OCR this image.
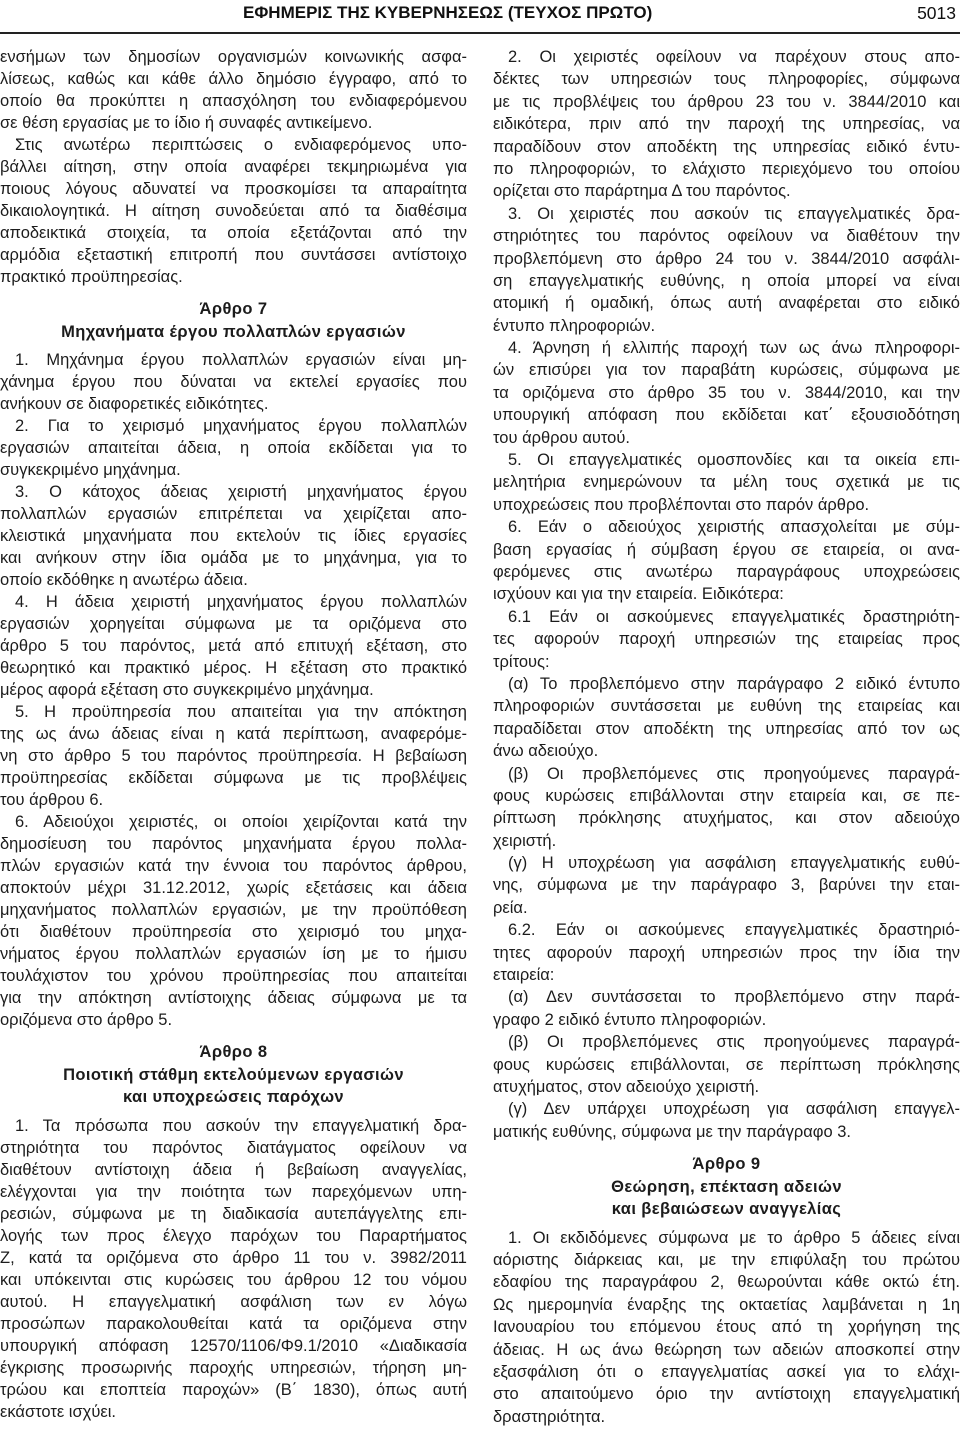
ΕΦΗΜΕΡΙΣ ΤΗΣ ΚΥΒΕΡΝΗΣΕΩΣ (ΤΕΥΧΟΣ ΠΡΩΤΟ)	5013
ενσήμων των δημοσίων οργανισμών κοινωνικής ασφα-
λίσεως, καθώς και κάθε άλλο δημόσιο έγγραφο, από το
οποίο θα προκύπτει η απασχόληση του ενδιαφερόμενου
σε θέση εργασίας με το ίδιο ή συναφές αντικείμενο.
Στις ανωτέρω περιπτώσεις ο ενδιαφερόμενος υπο-
βάλλει αίτηση, στην οποία αναφέρει τεκμηριωμένα για
ποιους λόγους αδυνατεί να προσκομίσει τα απαραίτητα
δικαιολογητικά. Η αίτηση συνοδεύεται από τα διαθέσιμα
αποδεικτικά στοιχεία, τα οποία εξετάζονται από την
αρμόδια εξεταστική επιτροπή που συντάσσει αντίστοιχο
πρακτικό προϋπηρεσίας.
Άρθρο 7
Μηχανήματα έργου πολλαπλών εργασιών
1. Μηχάνημα έργου πολλαπλών εργασιών είναι μη-
χάνημα έργου που δύναται να εκτελεί εργασίες που
ανήκουν σε διαφορετικές ειδικότητες.
2. Για το χειρισμό μηχανήματος έργου πολλαπλών
εργασιών απαιτείται άδεια, η οποία εκδίδεται για το
συγκεκριμένο μηχάνημα.
3. Ο κάτοχος άδειας χειριστή μηχανήματος έργου
πολλαπλών εργασιών επιτρέπεται να χειρίζεται απο-
κλειστικά μηχανήματα που εκτελούν τις ίδιες εργασίες
και ανήκουν στην ίδια ομάδα με το μηχάνημα, για το
οποίο εκδόθηκε η ανωτέρω άδεια.
4. Η άδεια χειριστή μηχανήματος έργου πολλαπλών
εργασιών χορηγείται σύμφωνα με τα οριζόμενα στο
άρθρο 5 του παρόντος, μετά από επιτυχή εξέταση, στο
θεωρητικό και πρακτικό μέρος. Η εξέταση στο πρακτικό
μέρος αφορά εξέταση στο συγκεκριμένο μηχάνημα.
5. Η προϋπηρεσία που απαιτείται για την απόκτηση
της ως άνω άδειας είναι η κατά περίπτωση, αναφερόμε-
νη στο άρθρο 5 του παρόντος προϋπηρεσία. Η βεβαίωση
προϋπηρεσίας εκδίδεται σύμφωνα με τις προβλέψεις
του άρθρου 6.
6. Αδειούχοι χειριστές, οι οποίοι χειρίζονται κατά την
δημοσίευση του παρόντος μηχανήματα έργου πολλα-
πλών εργασιών κατά την έννοια του παρόντος άρθρου,
αποκτούν μέχρι 31.12.2012, χωρίς εξετάσεις και άδεια
μηχανήματος πολλαπλών εργασιών, με την προϋπόθεση
ότι διαθέτουν προϋπηρεσία στο χειρισμό του μηχα-
νήματος έργου πολλαπλών εργασιών ίση με το ήμισυ
τουλάχιστον του χρόνου προϋπηρεσίας που απαιτείται
για την απόκτηση αντίστοιχης άδειας σύμφωνα με τα
οριζόμενα στο άρθρο 5.
Άρθρο 8
Ποιοτική στάθμη εκτελούμενων εργασιών
και υποχρεώσεις παρόχων
1. Τα πρόσωπα που ασκούν την επαγγελματική δρα-
στηριότητα του παρόντος διατάγματος οφείλουν να
διαθέτουν αντίστοιχη άδεια ή βεβαίωση αναγγελίας,
ελέγχονται για την ποιότητα των παρεχόμενων υπη-
ρεσιών, σύμφωνα με τη διαδικασία αυτεπάγγελτης επι-
λογής των προς έλεγχο παρόχων του Παραρτήματος
Ζ, κατά τα οριζόμενα στο άρθρο 11 του ν. 3982/2011
και υπόκεινται στις κυρώσεις του άρθρου 12 του νόμου
αυτού. Η επαγγελματική ασφάλιση των εν λόγω
προσώπων παρακολουθείται κατά τα οριζόμενα στην
υπουργική απόφαση 12570/1106/Φ9.1/2010 «Διαδικασία
έγκρισης προσωρινής παροχής υπηρεσιών, τήρηση μη-
τρώου και εποπτεία παροχών» (Β΄ 1830), όπως αυτή
εκάστοτε ισχύει.
2. Οι χειριστές οφείλουν να παρέχουν στους απο-
δέκτες των υπηρεσιών τους πληροφορίες, σύμφωνα
με τις προβλέψεις του άρθρου 23 του ν. 3844/2010 και
ειδικότερα, πριν από την παροχή της υπηρεσίας, να
παραδίδουν στον αποδέκτη της υπηρεσίας ειδικό έντυ-
πο πληροφοριών, το ελάχιστο περιεχόμενο του οποίου
ορίζεται στο παράρτημα Δ του παρόντος.
3. Οι χειριστές που ασκούν τις επαγγελματικές δρα-
στηριότητες του παρόντος οφείλουν να διαθέτουν την
προβλεπόμενη στο άρθρο 24 του ν. 3844/2010 ασφάλι-
ση επαγγελματικής ευθύνης, η οποία μπορεί να είναι
ατομική ή ομαδική, όπως αυτή αναφέρεται στο ειδικό
έντυπο πληροφοριών.
4. Άρνηση ή ελλιπής παροχή των ως άνω πληροφορι-
ών επισύρει για τον παραβάτη κυρώσεις, σύμφωνα με
τα οριζόμενα στο άρθρο 35 του ν. 3844/2010, και την
υπουργική απόφαση που εκδίδεται κατ΄ εξουσιοδότηση
του άρθρου αυτού.
5. Οι επαγγελματικές ομοσπονδίες και τα οικεία επι-
μελητήρια ενημερώνουν τα μέλη τους σχετικά με τις
υποχρεώσεις που προβλέπονται στο παρόν άρθρο.
6. Εάν ο αδειούχος χειριστής απασχολείται με σύμ-
βαση εργασίας ή σύμβαση έργου σε εταιρεία, οι ανα-
φερόμενες στις ανωτέρω παραγράφους υποχρεώσεις
ισχύουν και για την εταιρεία. Ειδικότερα:
6.1 Εάν οι ασκούμενες επαγγελματικές δραστηριότη-
τες αφορούν παροχή υπηρεσιών της εταιρείας προς
τρίτους:
(α) Το προβλεπόμενο στην παράγραφο 2 ειδικό έντυπο
πληροφοριών συντάσσεται με ευθύνη της εταιρείας και
παραδίδεται στον αποδέκτη της υπηρεσίας από τον ως
άνω αδειούχο.
(β) Οι προβλεπόμενες στις προηγούμενες παραγρά-
φους κυρώσεις επιβάλλονται στην εταιρεία και, σε πε-
ρίπτωση πρόκλησης ατυχήματος, και στον αδειούχο
χειριστή.
(γ) Η υποχρέωση για ασφάλιση επαγγελματικής ευθύ-
νης, σύμφωνα με την παράγραφο 3, βαρύνει την εται-
ρεία.
6.2. Εάν οι ασκούμενες επαγγελματικές δραστηριό-
τητες αφορούν παροχή υπηρεσιών προς την ίδια την
εταιρεία:
(α) Δεν συντάσσεται το προβλεπόμενο στην παρά-
γραφο 2 ειδικό έντυπο πληροφοριών.
(β) Οι προβλεπόμενες στις προηγούμενες παραγρά-
φους κυρώσεις επιβάλλονται, σε περίπτωση πρόκλησης
ατυχήματος, στον αδειούχο χειριστή.
(γ) Δεν υπάρχει υποχρέωση για ασφάλιση επαγγελ-
ματικής ευθύνης, σύμφωνα με την παράγραφο 3.
Άρθρο 9
Θεώρηση, επέκταση αδειών
και βεβαιώσεων αναγγελίας
1. Οι εκδιδόμενες σύμφωνα με το άρθρο 5 άδειες είναι
αόριστης διάρκειας και, με την επιφύλαξη του πρώτου
εδαφίου της παραγράφου 2, θεωρούνται κάθε οκτώ έτη.
Ως ημερομηνία έναρξης της οκταετίας λαμβάνεται η 1η
Ιανουαρίου του επόμενου έτους από τη χορήγηση της
άδειας. Η ως άνω θεώρηση των αδειών αποσκοπεί στην
εξασφάλιση ότι ο επαγγελματίας ασκεί για το ελάχι-
στο απαιτούμενο όριο την αντίστοιχη επαγγελματική
δραστηριότητα.
